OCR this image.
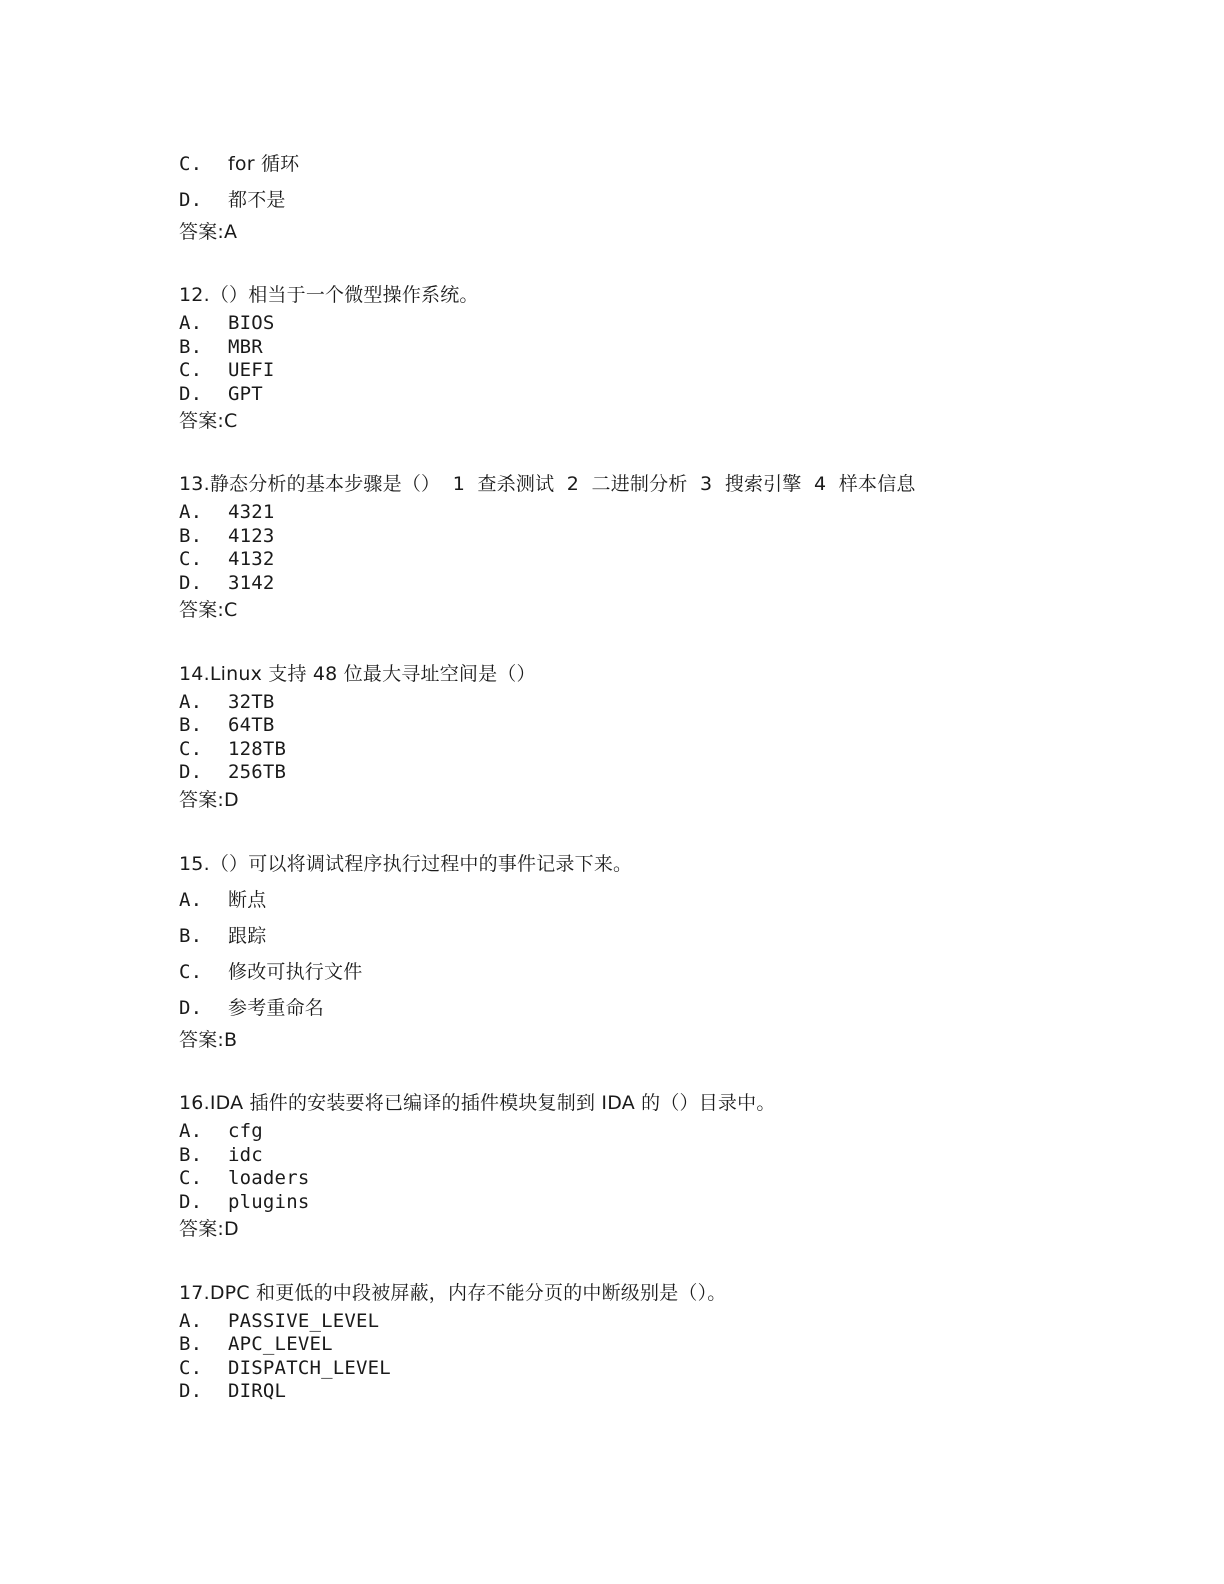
C. for 循环
D. 都不是
答案:A
12.（）相当于一个微型操作系统。
A. BIOS
B. MBR
C. UEFI
D. GPT
答案:C
13.静态分析的基本步骤是（）  1  查杀测试  2  二进制分析  3  搜索引擎  4  样本信息
A. 4321
B. 4123
C. 4132
D. 3142
答案:C
14.Linux 支持 48 位最大寻址空间是（）
A. 32TB
B. 64TB
C. 128TB
D. 256TB
答案:D
15.（）可以将调试程序执行过程中的事件记录下来。
A. 断点
B. 跟踪
C. 修改可执行文件
D. 参考重命名
答案:B
16.IDA 插件的安装要将已编译的插件模块复制到 IDA 的（）目录中。
A. cfg
B. idc
C. loaders
D. plugins
答案:D
17.DPC 和更低的中段被屏蔽，内存不能分页的中断级别是（）。
A. PASSIVE_LEVEL
B. APC_LEVEL
C. DISPATCH_LEVEL
D. DIRQL
